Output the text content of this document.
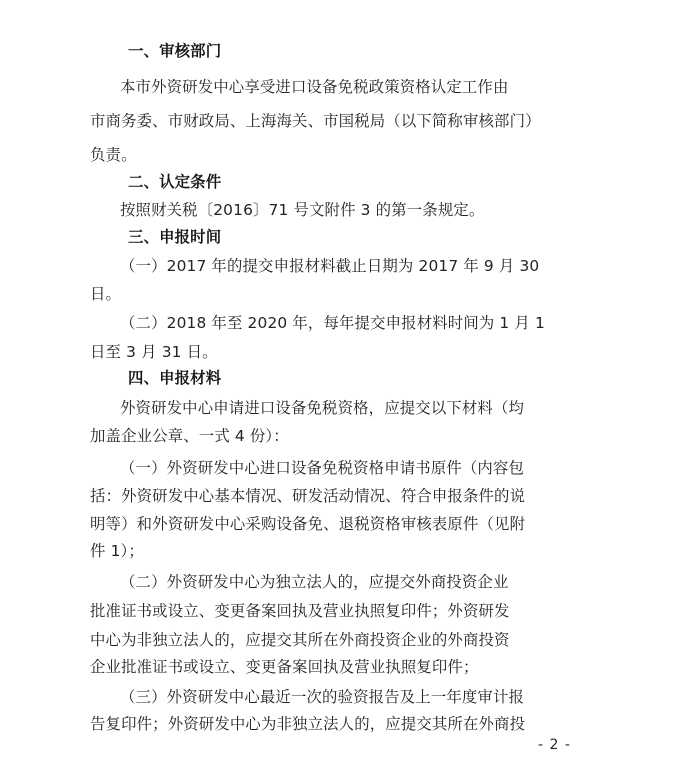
一、审核部门
本市外资研发中心享受进口设备免税政策资格认定工作由
市商务委、市财政局、上海海关、市国税局（以下简称审核部门）
负责。
二、认定条件
按照财关税〔2016〕71 号文附件 3 的第一条规定。
三、申报时间
（一）2017 年的提交申报材料截止日期为 2017 年 9 月 30
日。
（二）2018 年至 2020 年，每年提交申报材料时间为 1 月 1
日至 3 月 31 日。
四、申报材料
外资研发中心申请进口设备免税资格，应提交以下材料（均
加盖企业公章、一式 4 份）：
（一）外资研发中心进口设备免税资格申请书原件（内容包
括：外资研发中心基本情况、研发活动情况、符合申报条件的说
明等）和外资研发中心采购设备免、退税资格审核表原件（见附
件 1）；
（二）外资研发中心为独立法人的，应提交外商投资企业
批准证书或设立、变更备案回执及营业执照复印件；外资研发
中心为非独立法人的，应提交其所在外商投资企业的外商投资
企业批准证书或设立、变更备案回执及营业执照复印件；
（三）外资研发中心最近一次的验资报告及上一年度审计报
告复印件；外资研发中心为非独立法人的，应提交其所在外商投
- 2 -
